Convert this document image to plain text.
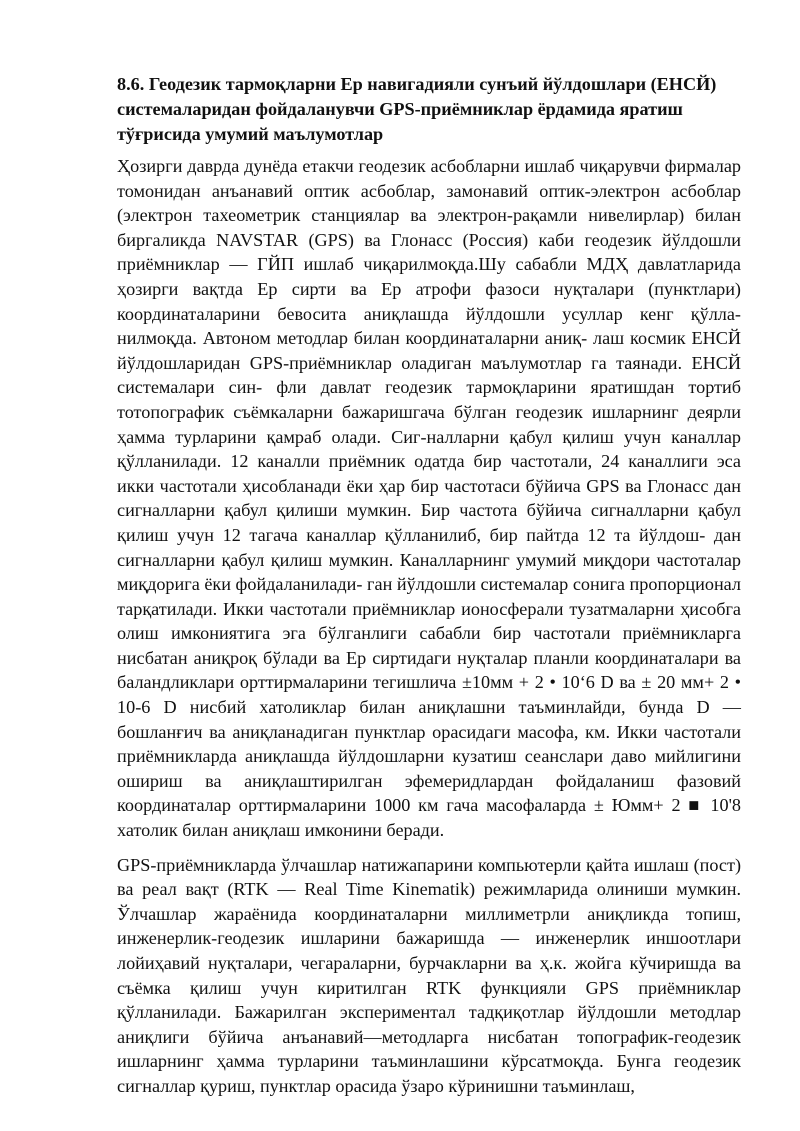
8.6. Геодезик тармоқларни Ер навигадияли сунъий йўлдошлари (ЕНСЙ) системаларидан фойдаланувчи GPS-приёмниклар ёрдамида яратиш тўғрисида умумий маълумотлар

Ҳозирги даврда дунёда етакчи геодезик асбобларни ишлаб чиқарувчи фирмалар томонидан анъанавий оптик асбоблар, замонавий оптик-электрон асбоблар (электрон тахеометрик станциялар ва электрон-рақамли нивелирлар) билан биргаликда NAVSTAR (GPS) ва Глонасс (Россия) каби геодезик йўлдошли приёмниклар — ГЙП ишлаб чиқарилмоқда.Шу сабабли МДҲ давлатларида ҳозирги вақтда Ер сирти ва Ер атрофи фазоси нуқталари (пунктлари) координаталарини бевосита аниқлашда йўлдошли усуллар кенг қўлла-нилмоқда. Автоном методлар билан координаталарни аниқ- лаш космик ЕНСЙ йўлдошларидан GPS-приёмниклар оладиган маълумотлар га таянади. ЕНСЙ системалари син- фли давлат геодезик тармоқларини яратишдан тортиб тотопографик съёмкаларни бажаришгача бўлган геодезик ишларнинг деярли ҳамма турларини қамраб олади. Сиг-налларни қабул қилиш учун каналлар қўлланилади. 12 каналли приёмник одатда бир частотали, 24 каналлиги эса икки частотали ҳисобланади ёки ҳар бир частотаси бўйича GPS ва Глонасс дан сигналларни қабул қилиши мумкин. Бир частота бўйича сигналларни қабул қилиш учун 12 тагача каналлар қўлланилиб, бир пайтда 12 та йўлдош- дан сигналларни қабул қилиш мумкин. Каналларнинг умумий миқдори частоталар миқдорига ёки фойдаланилади- ган йўлдошли системалар сонига пропорционал тарқатилади. Икки частотали приёмниклар ионосферали тузатмаларни ҳисобга олиш имкониятига эга бўлганлиги сабабли бир частотали приёмникларга нисбатан аниқроқ бўлади ва Ер сиртидаги нуқталар планли координаталари ва баландликлари орттирмаларини тегишлича ±10мм + 2 • 10‘6 D ва ± 20 мм+ 2 • 10-6 D нисбий хатоликлар билан аниқлашни таъминлайди, бунда D — бошланғич ва аниқланадиган пунктлар орасидаги масофа, км. Икки частотали приёмникларда аниқлашда йўлдошларни кузатиш сеанслари даво мийлигини ошириш ва аниқлаштирилган эфемеридлардан фойдаланиш фазовий координаталар орттирмаларини 1000 км гача масофаларда ± Юмм+ 2 ■ 10'8 хатолик билан аниқлаш имконини беради.

GPS-приёмникларда ўлчашлар натижапарини компьютерли қайта ишлаш (пост) ва реал вақт (RTK — Real Time Kinematik) режимларида олиниши мумкин. Ўлчашлар жараёнида координаталарни миллиметрли аниқликда топиш, инженерлик-геодезик ишларини бажаришда — инженерлик иншоотлари лойиҳавий нуқталари, чегараларни, бурчакларни ва ҳ.к. жойга кўчиришда ва съёмка қилиш учун киритилган RTK функцияли GPS приёмниклар қўлланилади. Бажарилган экспериментал тадқиқотлар йўлдошли методлар аниқлиги бўйича анъанавий—методларга нисбатан топографик-геодезик ишларнинг ҳамма турларини таъминлашини кўрсатмоқда. Бунга геодезик сигналлар қуриш, пунктлар орасида ўзаро кўринишни таъминлаш,
